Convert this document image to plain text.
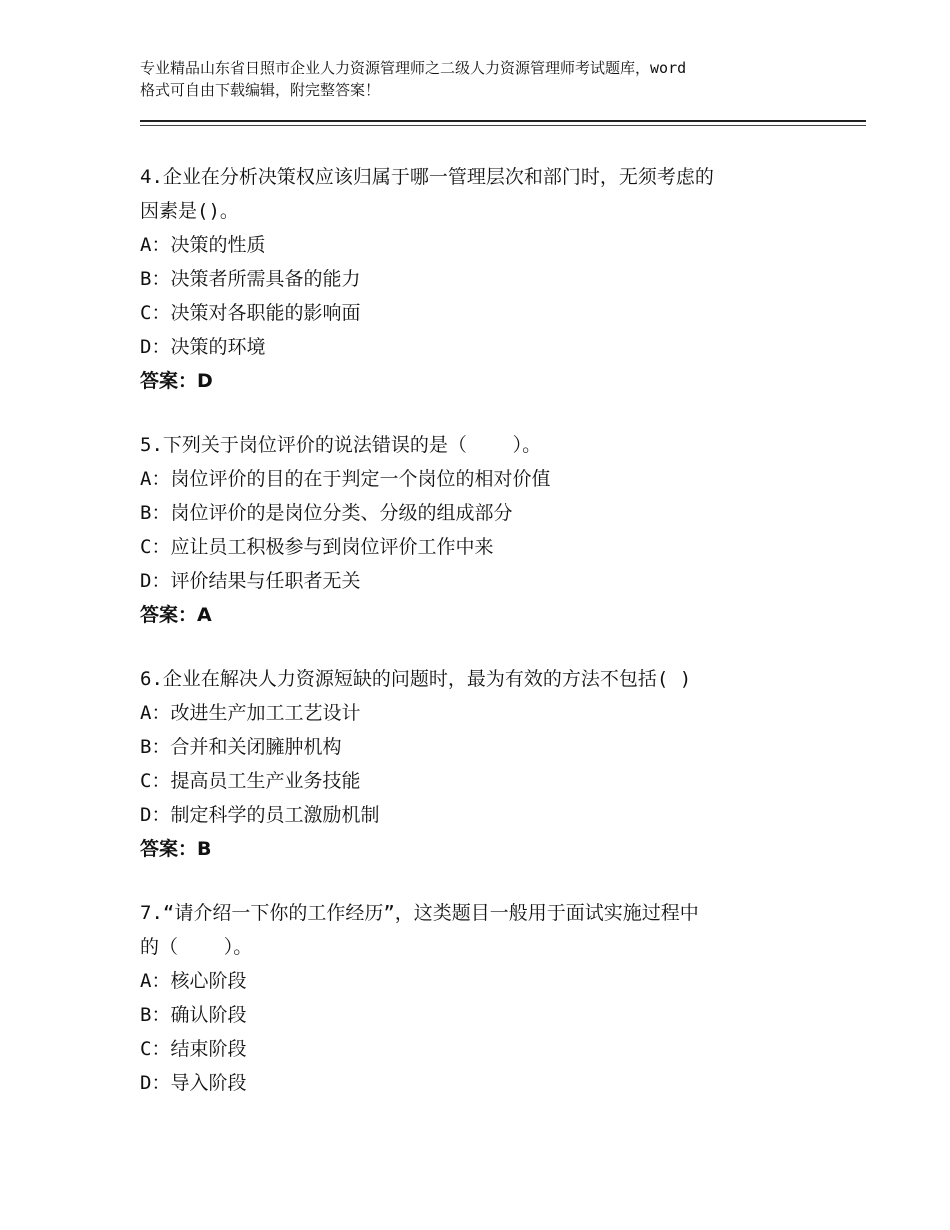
专业精品山东省日照市企业人力资源管理师之二级人力资源管理师考试题库，word
格式可自由下载编辑，附完整答案！
4.企业在分析决策权应该归属于哪一管理层次和部门时，无须考虑的
因素是()。
A：决策的性质
B：决策者所需具备的能力
C：决策对各职能的影响面
D：决策的环境
答案：D
5.下列关于岗位评价的说法错误的是（    ）。
A：岗位评价的目的在于判定一个岗位的相对价值
B：岗位评价的是岗位分类、分级的组成部分
C：应让员工积极参与到岗位评价工作中来
D：评价结果与任职者无关
答案：A
6.企业在解决人力资源短缺的问题时，最为有效的方法不包括( )
A：改进生产加工工艺设计
B：合并和关闭臃肿机构
C：提高员工生产业务技能
D：制定科学的员工激励机制
答案：B
7.“请介绍一下你的工作经历”，这类题目一般用于面试实施过程中
的（    ）。
A：核心阶段
B：确认阶段
C：结束阶段
D：导入阶段
